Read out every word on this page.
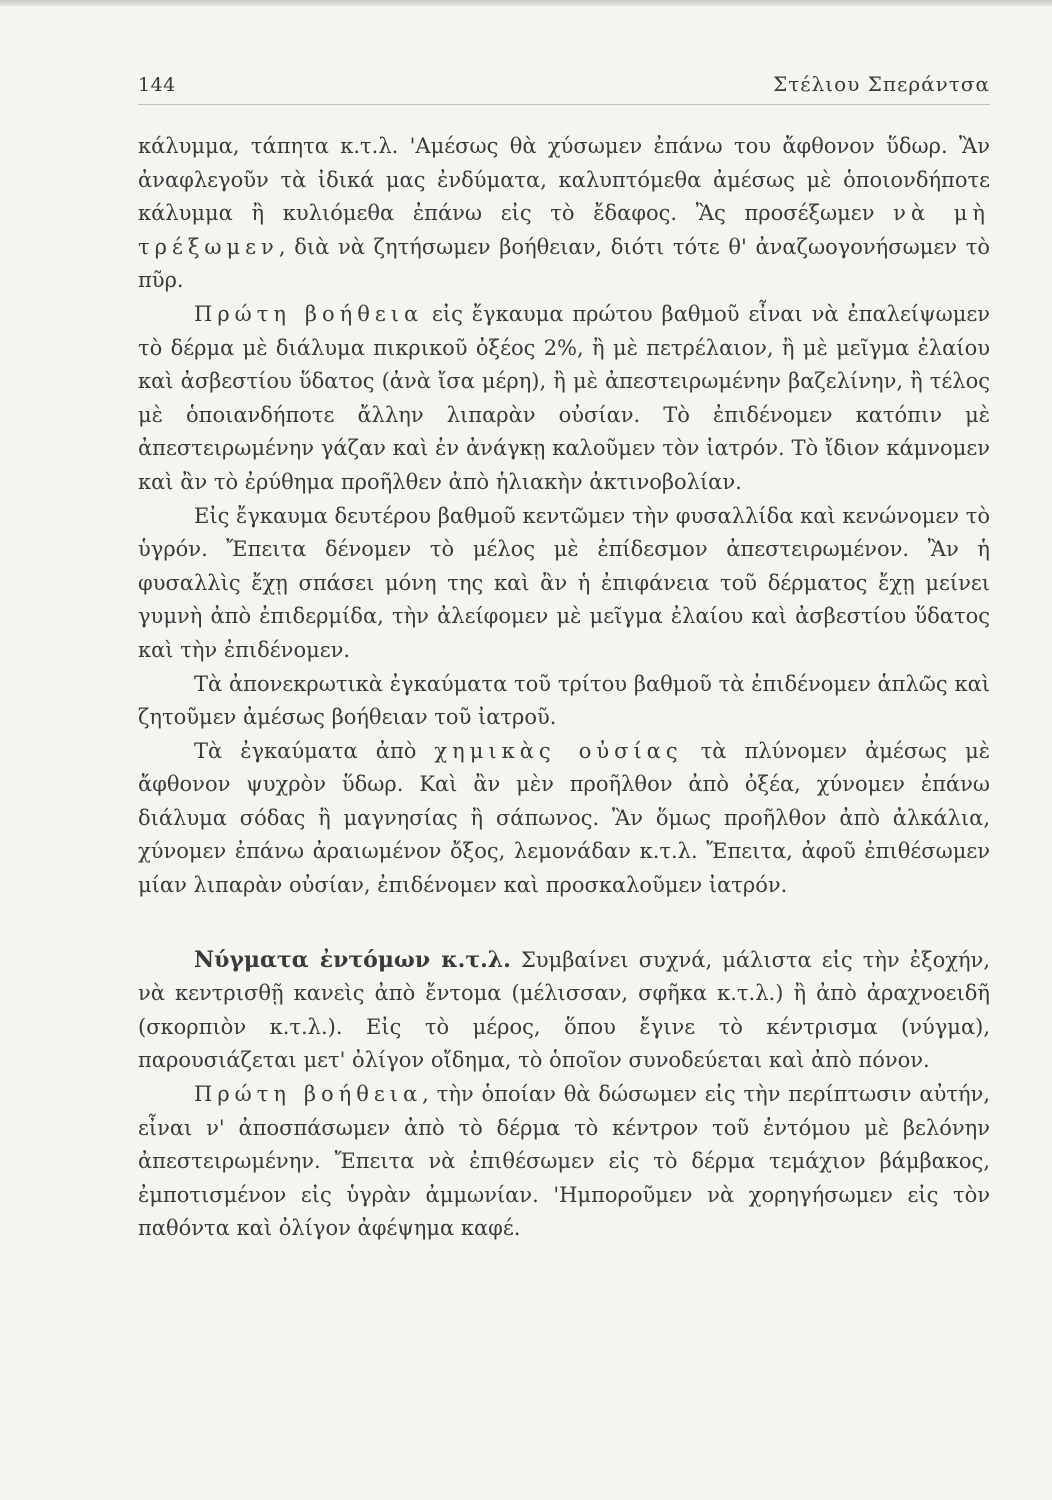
144	Στέλιου Σπεράντσα

κάλυμμα, τάπητα κ.τ.λ. 'Αμέσως θὰ χύσωμεν ἐπάνω του ἄφθονον ὕδωρ. Ἂν ἀναφλεγοῦν τὰ ἰδικά μας ἐνδύματα, καλυπτόμεθα ἀμέσως μὲ ὁποιονδήποτε κάλυμμα ἢ κυλιόμεθα ἐπάνω εἰς τὸ ἔδαφος. Ἂς προσέξωμεν νὰ μὴ τρέξωμεν, διὰ νὰ ζητήσωμεν βοήθειαν, διότι τότε θ' ἀναζωογονήσωμεν τὸ πῦρ.

Πρώτη βοήθεια εἰς ἔγκαυμα πρώτου βαθμοῦ εἶναι νὰ ἐπαλείψωμεν τὸ δέρμα μὲ διάλυμα πικρικοῦ ὀξέος 2%, ἢ μὲ πετρέλαιον, ἢ μὲ μεῖγμα ἐλαίου καὶ ἀσβεστίου ὕδατος (ἀνὰ ἴσα μέρη), ἢ μὲ ἀπεστειρωμένην βαζελίνην, ἢ τέλος μὲ ὁποιανδήποτε ἄλλην λιπαρὰν οὐσίαν. Τὸ ἐπιδένομεν κατόπιν μὲ ἀπεστειρωμένην γάζαν καὶ ἐν ἀνάγκῃ καλοῦμεν τὸν ἰατρόν. Τὸ ἴδιον κάμνομεν καὶ ἂν τὸ ἐρύθημα προῆλθεν ἀπὸ ἡλιακὴν ἀκτινοβολίαν.

Εἰς ἔγκαυμα δευτέρου βαθμοῦ κεντῶμεν τὴν φυσαλλίδα καὶ κενώνομεν τὸ ὑγρόν. Ἔπειτα δένομεν τὸ μέλος μὲ ἐπίδεσμον ἀπεστειρωμένον. Ἂν ἡ φυσαλλὶς ἔχῃ σπάσει μόνη της καὶ ἂν ἡ ἐπιφάνεια τοῦ δέρματος ἔχῃ μείνει γυμνὴ ἀπὸ ἐπιδερμίδα, τὴν ἀλείφομεν μὲ μεῖγμα ἐλαίου καὶ ἀσβεστίου ὕδατος καὶ τὴν ἐπιδένομεν.

Τὰ ἀπονεκρωτικὰ ἐγκαύματα τοῦ τρίτου βαθμοῦ τὰ ἐπιδένομεν ἁπλῶς καὶ ζητοῦμεν ἀμέσως βοήθειαν τοῦ ἰατροῦ.

Τὰ ἐγκαύματα ἀπὸ χημικὰς οὐσίας τὰ πλύνομεν ἀμέσως μὲ ἄφθονον ψυχρὸν ὕδωρ. Καὶ ἂν μὲν προῆλθον ἀπὸ ὀξέα, χύνομεν ἐπάνω διάλυμα σόδας ἢ μαγνησίας ἢ σάπωνος. Ἂν ὅμως προῆλθον ἀπὸ ἀλκάλια, χύνομεν ἐπάνω ἀραιωμένον ὄξος, λεμονάδαν κ.τ.λ. Ἔπειτα, ἀφοῦ ἐπιθέσωμεν μίαν λιπαρὰν οὐσίαν, ἐπιδένομεν καὶ προσκαλοῦμεν ἰατρόν.

Νύγματα ἐντόμων κ.τ.λ. Συμβαίνει συχνά, μάλιστα εἰς τὴν ἐξοχήν, νὰ κεντρισθῇ κανεὶς ἀπὸ ἔντομα (μέλισσαν, σφῆκα κ.τ.λ.) ἢ ἀπὸ ἀραχνοειδῆ (σκορπιὸν κ.τ.λ.). Εἰς τὸ μέρος, ὅπου ἔγινε τὸ κέντρισμα (νύγμα), παρουσιάζεται μετ' ὀλίγον οἴδημα, τὸ ὁποῖον συνοδεύεται καὶ ἀπὸ πόνον.

Πρώτη βοήθεια, τὴν ὁποίαν θὰ δώσωμεν εἰς τὴν περίπτωσιν αὐτήν, εἶναι ν' ἀποσπάσωμεν ἀπὸ τὸ δέρμα τὸ κέντρον τοῦ ἐντόμου μὲ βελόνην ἀπεστειρωμένην. Ἔπειτα νὰ ἐπιθέσωμεν εἰς τὸ δέρμα τεμάχιον βάμβακος, ἐμποτισμένον εἰς ὑγρὰν ἀμμωνίαν. 'Ημποροῦμεν νὰ χορηγήσωμεν εἰς τὸν παθόντα καὶ ὀλίγον ἀφέψημα καφέ.
